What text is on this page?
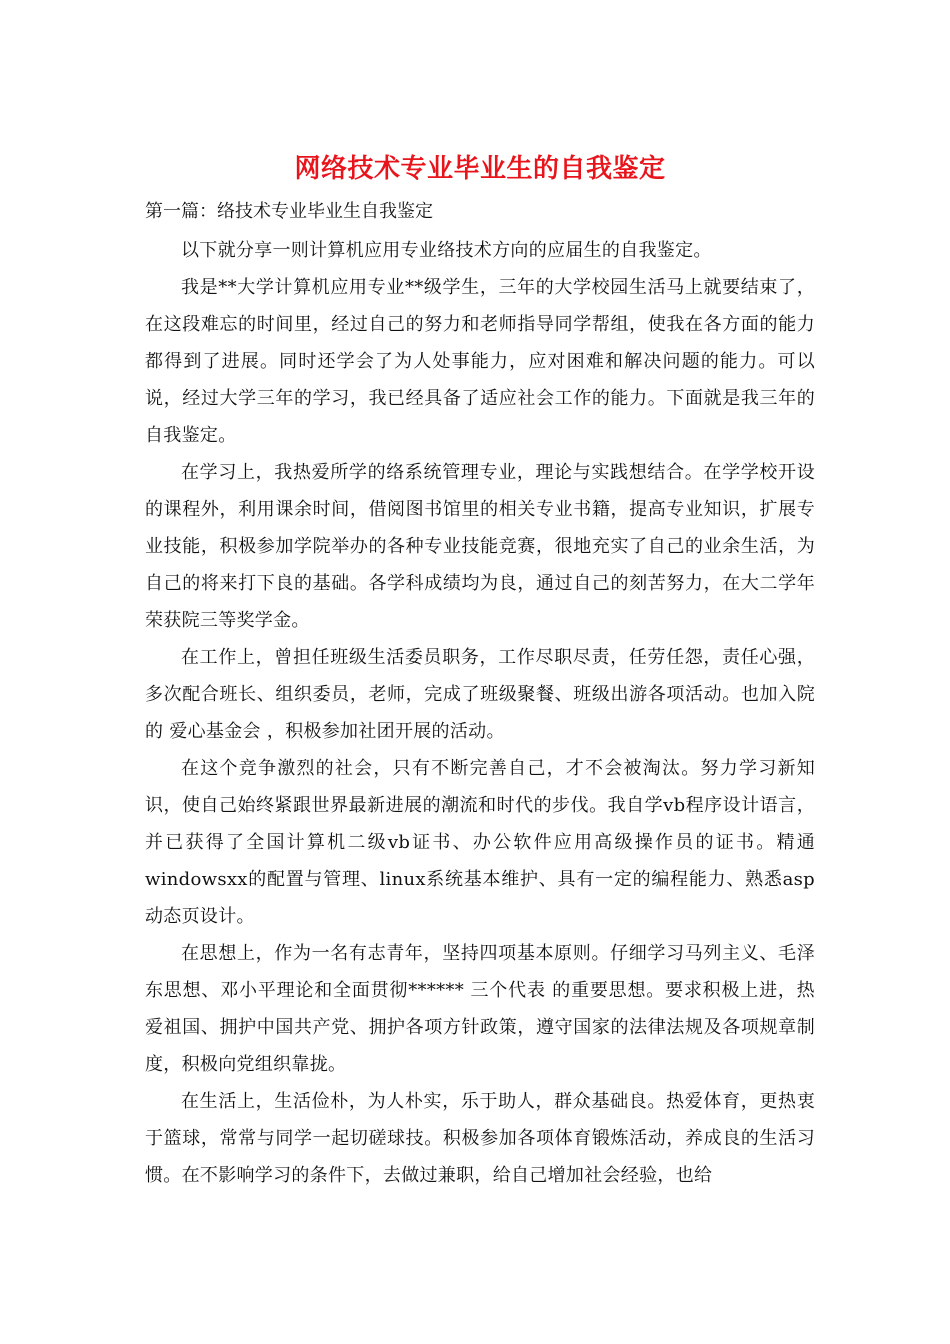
网络技术专业毕业生的自我鉴定
第一篇：络技术专业毕业生自我鉴定

以下就分享一则计算机应用专业络技术方向的应届生的自我鉴定。

我是**大学计算机应用专业**级学生，三年的大学校园生活马上就要结束了，在这段难忘的时间里，经过自己的努力和老师指导同学帮组，使我在各方面的能力都得到了进展。同时还学会了为人处事能力，应对困难和解决问题的能力。可以说，经过大学三年的学习，我已经具备了适应社会工作的能力。下面就是我三年的自我鉴定。

在学习上，我热爱所学的络系统管理专业，理论与实践想结合。在学学校开设的课程外，利用课余时间，借阅图书馆里的相关专业书籍，提高专业知识，扩展专业技能，积极参加学院举办的各种专业技能竞赛，很地充实了自己的业余生活，为自己的将来打下良的基础。各学科成绩均为良，通过自己的刻苦努力，在大二学年荣获院三等奖学金。

在工作上，曾担任班级生活委员职务，工作尽职尽责，任劳任怨，责任心强，多次配合班长、组织委员，老师，完成了班级聚餐、班级出游各项活动。也加入院的 爱心基金会 ，积极参加社团开展的活动。

在这个竞争激烈的社会，只有不断完善自己，才不会被淘汰。努力学习新知识，使自己始终紧跟世界最新进展的潮流和时代的步伐。我自学vb程序设计语言，并已获得了全国计算机二级vb证书、办公软件应用高级操作员的证书。精通windowsxx的配置与管理、linux系统基本维护、具有一定的编程能力、熟悉asp动态页设计。

在思想上，作为一名有志青年，坚持四项基本原则。仔细学习马列主义、毛泽东思想、邓小平理论和全面贯彻****** 三个代表 的重要思想。要求积极上进，热爱祖国、拥护中国共产党、拥护各项方针政策，遵守国家的法律法规及各项规章制度，积极向党组织靠拢。

在生活上，生活俭朴，为人朴实，乐于助人，群众基础良。热爱体育，更热衷于篮球，常常与同学一起切磋球技。积极参加各项体育锻炼活动，养成良的生活习惯。在不影响学习的条件下，去做过兼职，给自己增加社会经验，也给
